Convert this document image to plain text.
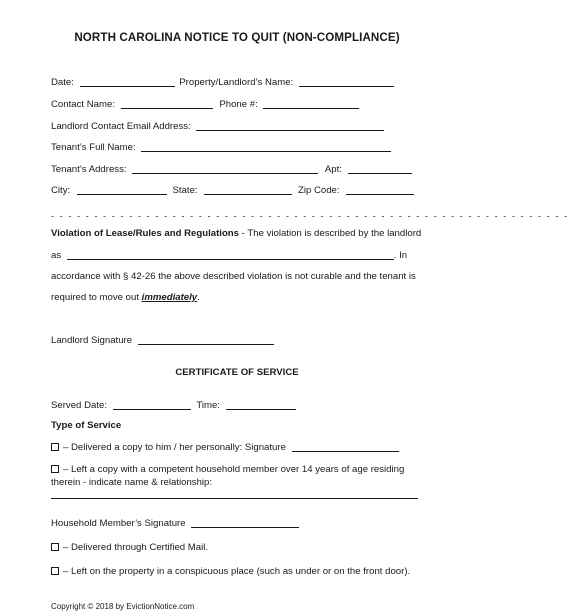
NORTH CAROLINA NOTICE TO QUIT (NON-COMPLIANCE)
Date:	Property/Landlord’s Name:
Contact Name:	Phone #:
Landlord Contact Email Address:
Tenant’s Full Name:
Tenant’s Address:	Apt:
City:	State:	Zip Code:
- - - - - - - - - - - - - - - - - - - - - - - - - - - - - - - - - - - - - - - - - - - - - - - - - - - - - - - - - - - -
Violation of Lease/Rules and Regulations - The violation is described by the landlord
as	. In
accordance with § 42-26 the above described violation is not curable and the tenant is
required to move out immediately.
Landlord Signature
CERTIFICATE OF SERVICE
Served Date:	Time:
Type of Service
– Delivered a copy to him / her personally: Signature
– Left a copy with a competent household member over 14 years of age residing
therein - indicate name & relationship:
Household Member’s Signature
– Delivered through Certified Mail.
– Left on the property in a conspicuous place (such as under or on the front door).
Copyright © 2018 by EvictionNotice.com
